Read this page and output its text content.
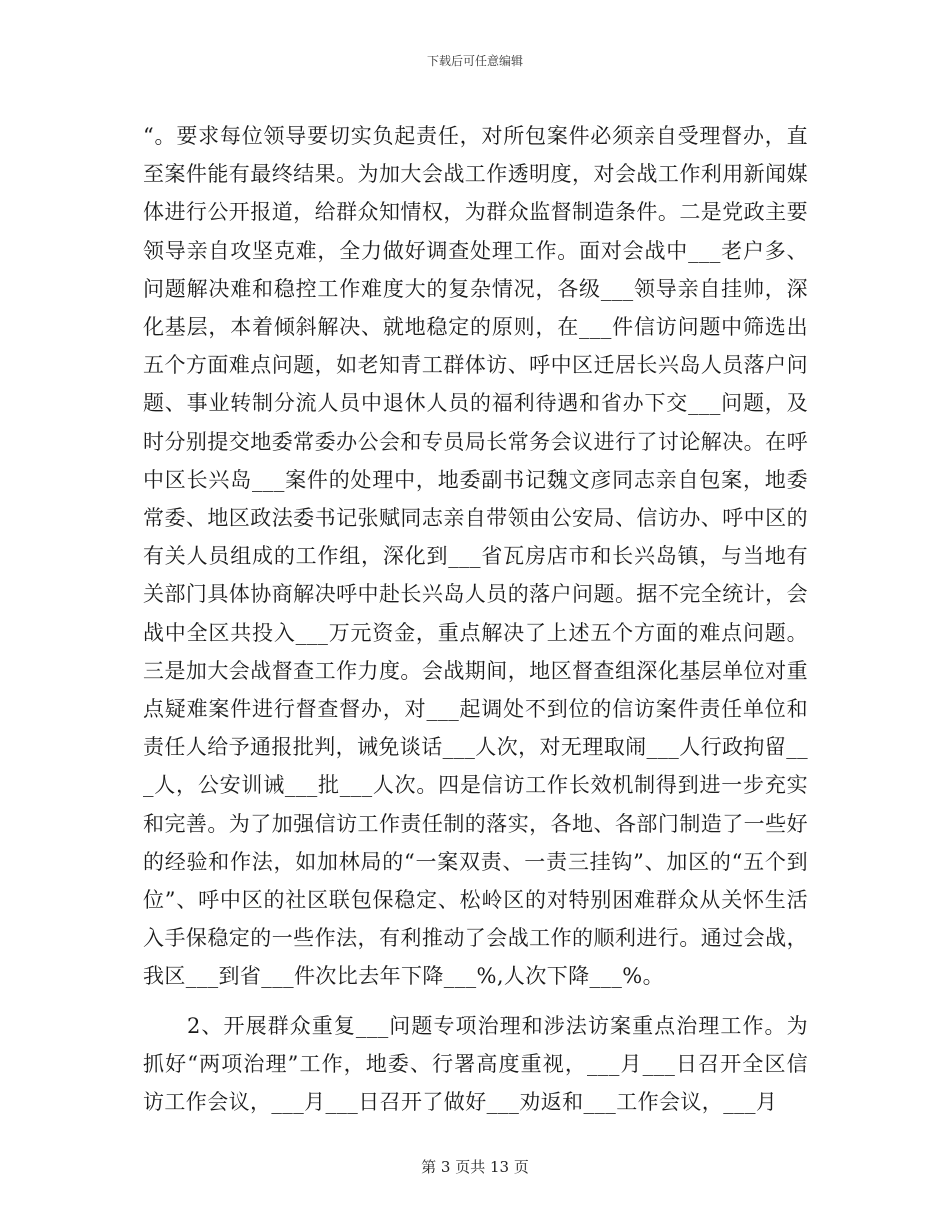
下载后可任意编辑

“。要求每位领导要切实负起责任，对所包案件必须亲自受理督办，直至案件能有最终结果。为加大会战工作透明度，对会战工作利用新闻媒体进行公开报道，给群众知情权，为群众监督制造条件。二是党政主要领导亲自攻坚克难，全力做好调查处理工作。面对会战中___老户多、问题解决难和稳控工作难度大的复杂情况，各级___领导亲自挂帅，深化基层，本着倾斜解决、就地稳定的原则，在___件信访问题中筛选出五个方面难点问题，如老知青工群体访、呼中区迁居长兴岛人员落户问题、事业转制分流人员中退休人员的福利待遇和省办下交___问题，及时分别提交地委常委办公会和专员局长常务会议进行了讨论解决。在呼中区长兴岛___案件的处理中，地委副书记魏文彦同志亲自包案，地委常委、地区政法委书记张赋同志亲自带领由公安局、信访办、呼中区的有关人员组成的工作组，深化到___省瓦房店市和长兴岛镇，与当地有关部门具体协商解决呼中赴长兴岛人员的落户问题。据不完全统计，会战中全区共投入___万元资金，重点解决了上述五个方面的难点问题。三是加大会战督查工作力度。会战期间，地区督查组深化基层单位对重点疑难案件进行督查督办，对___起调处不到位的信访案件责任单位和责任人给予通报批判，诫免谈话___人次，对无理取闹___人行政拘留___人，公安训诫___批___人次。四是信访工作长效机制得到进一步充实和完善。为了加强信访工作责任制的落实，各地、各部门制造了一些好的经验和作法，如加林局的“一案双责、一责三挂钩”、加区的“五个到位”、呼中区的社区联包保稳定、松岭区的对特别困难群众从关怀生活入手保稳定的一些作法，有利推动了会战工作的顺利进行。通过会战，我区___到省___件次比去年下降___%,人次下降___%。

2、开展群众重复___问题专项治理和涉法访案重点治理工作。为抓好“两项治理”工作，地委、行署高度重视，___月___日召开全区信访工作会议，___月___日召开了做好___劝返和___工作会议，___月

第 3 页共 13 页
